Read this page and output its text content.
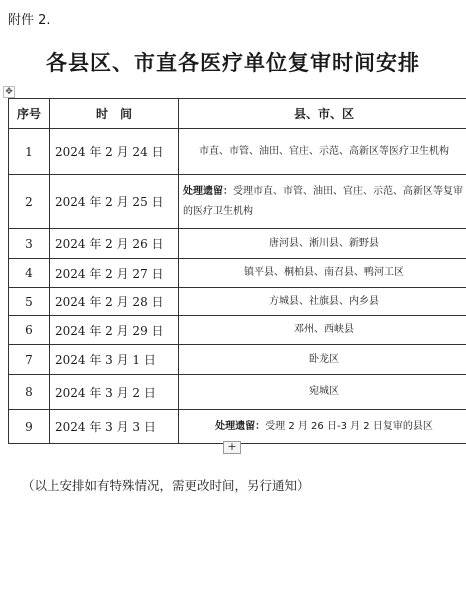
附件 2.
✥
各县区、市直各医疗单位复审时间安排
序号	时　间	县、市、区
1	2024 年 2 月 24 日	市直、市管、油田、官庄、示范、高新区等医疗卫生机构
2	2024 年 2 月 25 日	处理遗留：受理市直、市管、油田、官庄、示范、高新区等复审的医疗卫生机构
3	2024 年 2 月 26 日	唐河县、淅川县、新野县
4	2024 年 2 月 27 日	镇平县、桐柏县、南召县、鸭河工区
5	2024 年 2 月 28 日	方城县、社旗县、内乡县
6	2024 年 2 月 29 日	邓州、西峡县
7	2024 年 3 月 1 日	卧龙区
8	2024 年 3 月 2 日	宛城区
9	2024 年 3 月 3 日	处理遗留：受理 2 月 26 日-3 月 2 日复审的县区
+
（以上安排如有特殊情况，需更改时间，另行通知）
